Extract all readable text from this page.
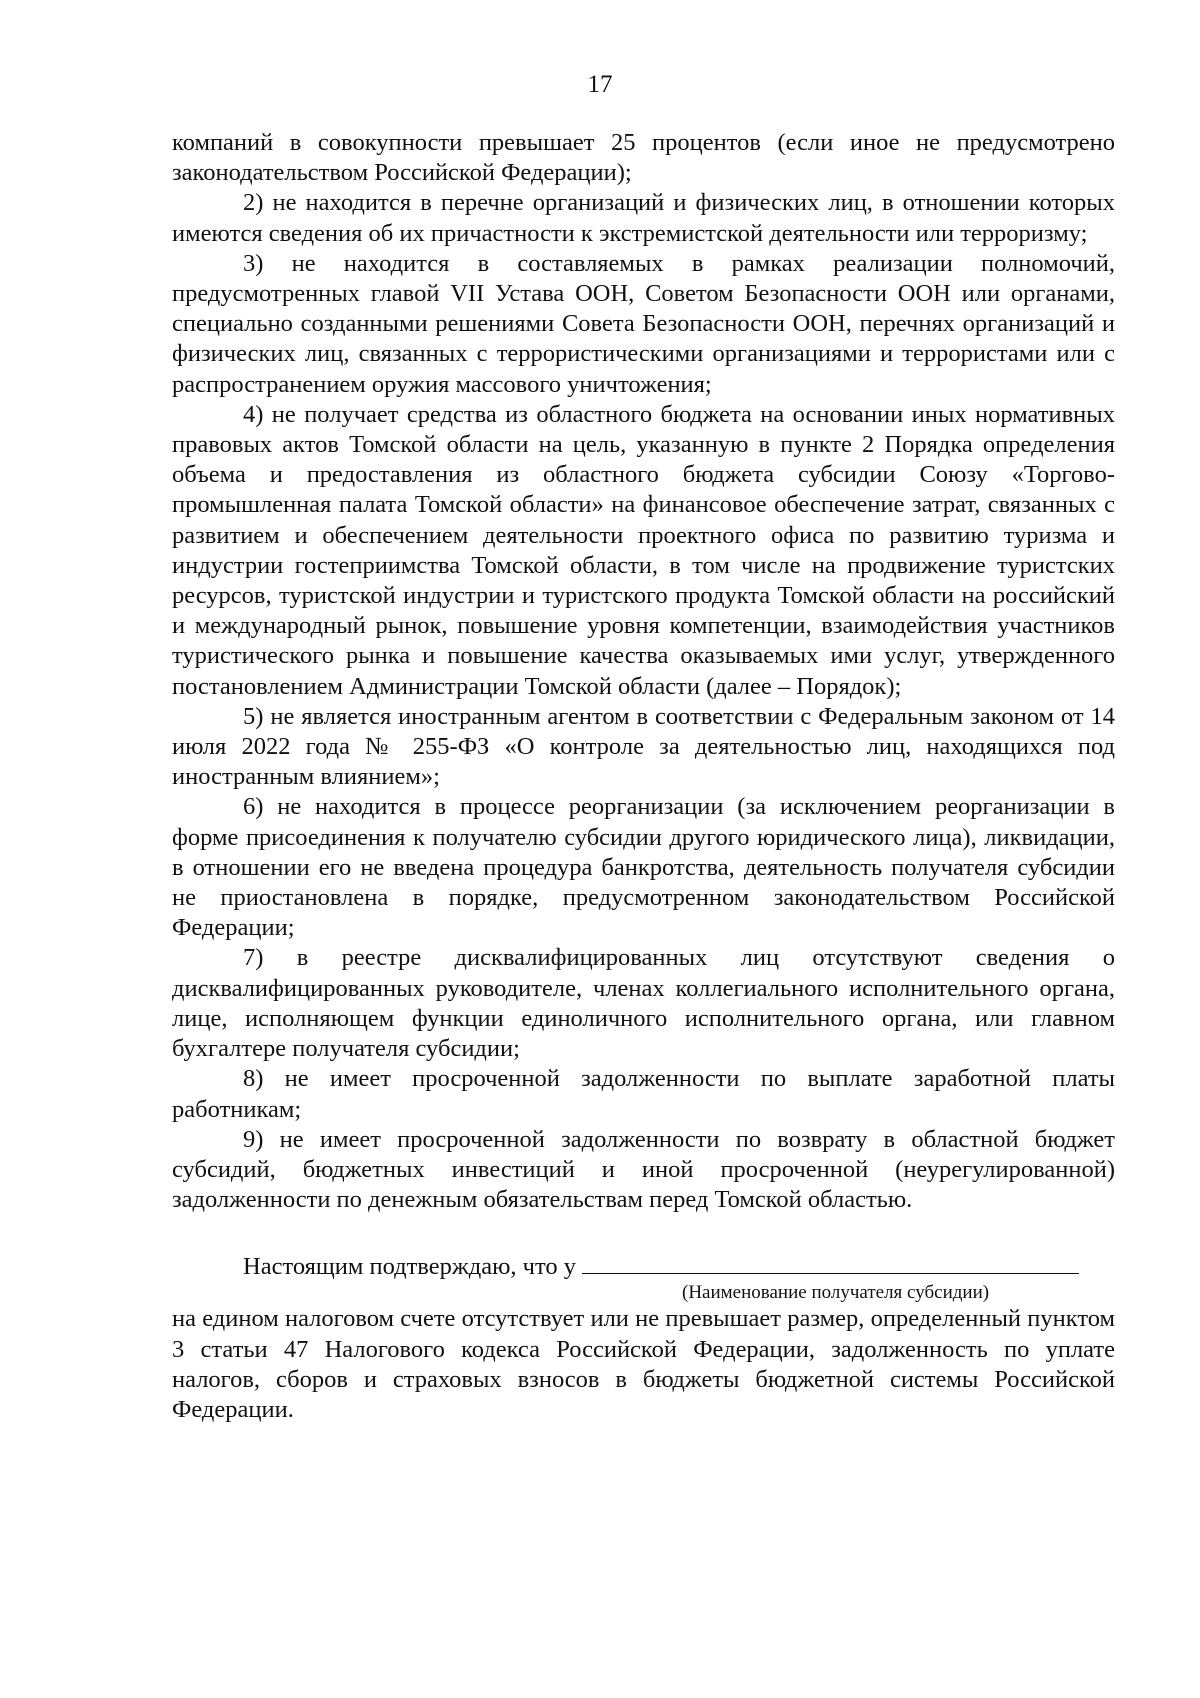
17

компаний в совокупности превышает 25 процентов (если иное не предусмотрено законодательством Российской Федерации);

2) не находится в перечне организаций и физических лиц, в отношении которых имеются сведения об их причастности к экстремистской деятельности или терроризму;

3) не находится в составляемых в рамках реализации полномочий, предусмотренных главой VII Устава ООН, Советом Безопасности ООН или органами, специально созданными решениями Совета Безопасности ООН, перечнях организаций и физических лиц, связанных с террористическими организациями и террористами или с распространением оружия массового уничтожения;

4) не получает средства из областного бюджета на основании иных нормативных правовых актов Томской области на цель, указанную в пункте 2 Порядка определения объема и предоставления из областного бюджета субсидии Союзу «Торгово-промышленная палата Томской области» на финансовое обеспечение затрат, связанных с развитием и обеспечением деятельности проектного офиса по развитию туризма и индустрии гостеприимства Томской области, в том числе на продвижение туристских ресурсов, туристской индустрии и туристского продукта Томской области на российский и международный рынок, повышение уровня компетенции, взаимодействия участников туристического рынка и повышение качества оказываемых ими услуг, утвержденного постановлением Администрации Томской области (далее – Порядок);

5) не является иностранным агентом в соответствии с Федеральным законом от 14 июля 2022 года № 255-ФЗ «О контроле за деятельностью лиц, находящихся под иностранным влиянием»;

6) не находится в процессе реорганизации (за исключением реорганизации в форме присоединения к получателю субсидии другого юридического лица), ликвидации, в отношении его не введена процедура банкротства, деятельность получателя субсидии не приостановлена в порядке, предусмотренном законодательством Российской Федерации;

7) в реестре дисквалифицированных лиц отсутствуют сведения о дисквалифицированных руководителе, членах коллегиального исполнительного органа, лице, исполняющем функции единоличного исполнительного органа, или главном бухгалтере получателя субсидии;

8) не имеет просроченной задолженности по выплате заработной платы работникам;

9) не имеет просроченной задолженности по возврату в областной бюджет субсидий, бюджетных инвестиций и иной просроченной (неурегулированной) задолженности по денежным обязательствам перед Томской областью.

Настоящим подтверждаю, что у

(Наименование получателя субсидии)

на едином налоговом счете отсутствует или не превышает размер, определенный пунктом 3 статьи 47 Налогового кодекса Российской Федерации, задолженность по уплате налогов, сборов и страховых взносов в бюджеты бюджетной системы Российской Федерации.
